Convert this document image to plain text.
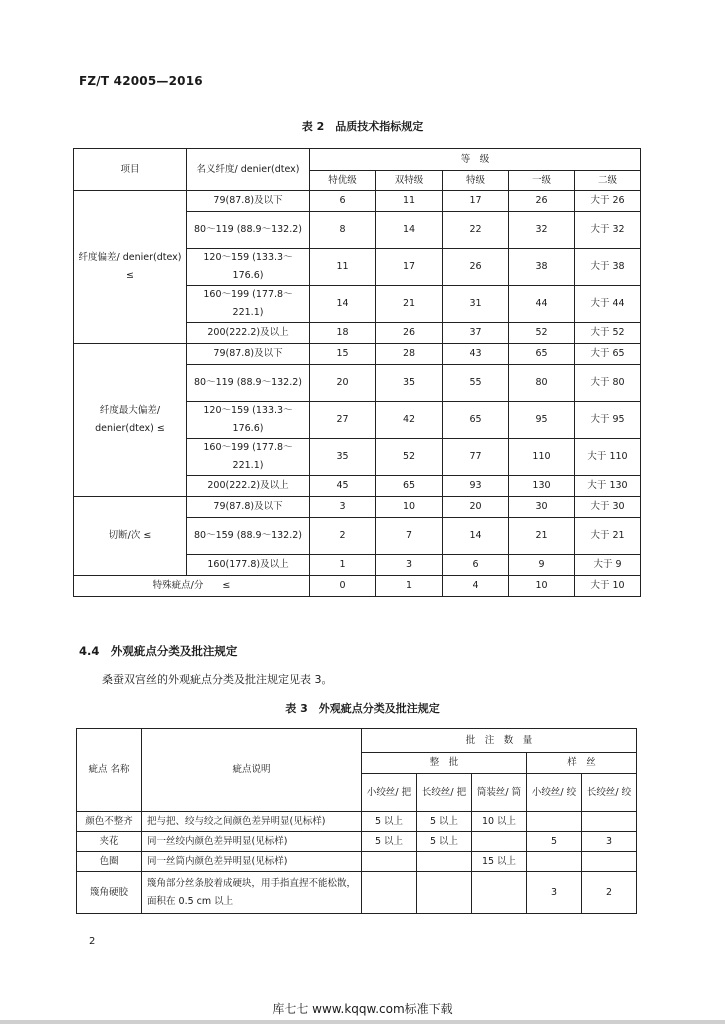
FZ/T 42005—2016
表 2　品质技术指标规定
项目	名义纤度/ denier(dtex)	等　级				
		特优级	双特级	特级	一级	二级
纤度偏差/ denier(dtex) ≤	79(87.8)及以下	6	11	17	26	大于 26
	80～119 (88.9～132.2)	8	14	22	32	大于 32
	120～159 (133.3～176.6)	11	17	26	38	大于 38
	160～199 (177.8～221.1)	14	21	31	44	大于 44
	200(222.2)及以上	18	26	37	52	大于 52
纤度最大偏差/ denier(dtex) ≤	79(87.8)及以下	15	28	43	65	大于 65
	80～119 (88.9～132.2)	20	35	55	80	大于 80
	120～159 (133.3～176.6)	27	42	65	95	大于 95
	160～199 (177.8～221.1)	35	52	77	110	大于 110
	200(222.2)及以上	45	65	93	130	大于 130
切断/次 ≤	79(87.8)及以下	3	10	20	30	大于 30
	80～159 (88.9～132.2)	2	7	14	21	大于 21
	160(177.8)及以上	1	3	6	9	大于 9
特殊疵点/分　　≤		0	1	4	10	大于 10
4.4　外观疵点分类及批注规定
桑蚕双宫丝的外观疵点分类及批注规定见表 3。
表 3　外观疵点分类及批注规定
疵点 名称	疵点说明	批　注　数　量				
		整　批			样　丝	
		小绞丝/ 把	长绞丝/ 把	筒装丝/ 筒	小绞丝/ 绞	长绞丝/ 绞
颜色不整齐	把与把、绞与绞之间颜色差异明显(见标样)	5 以上	5 以上	10 以上		
夹花	同一丝绞内颜色差异明显(见标样)	5 以上	5 以上		5	3
色圈	同一丝筒内颜色差异明显(见标样)			15 以上		
篾角硬胶	篾角部分丝条胶着成硬块，用手指直捏不能松散，面积在 0.5 cm 以上				3	2
2
库七七 www.kqqw.com标准下载
